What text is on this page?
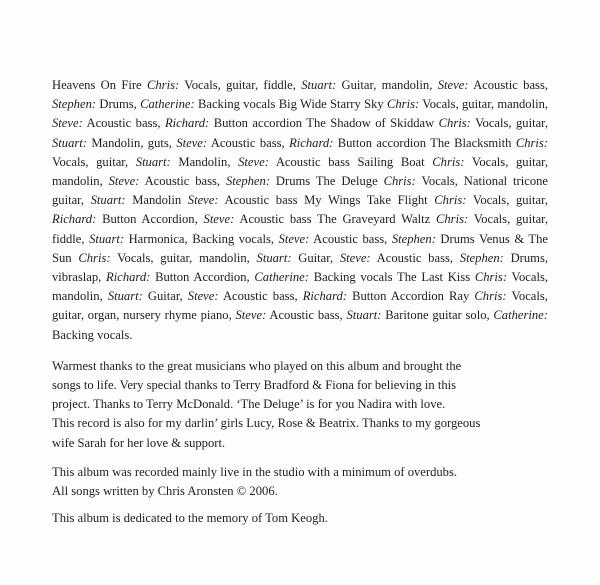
Heavens On Fire Chris: Vocals, guitar, fiddle, Stuart: Guitar, mandolin, Steve: Acoustic bass, Stephen: Drums, Catherine: Backing vocals Big Wide Starry Sky Chris: Vocals, guitar, mandolin, Steve: Acoustic bass, Richard: Button accordion The Shadow of Skiddaw Chris: Vocals, guitar, Stuart: Mandolin, guts, Steve: Acoustic bass, Richard: Button accordion The Blacksmith Chris: Vocals, guitar, Stuart: Mandolin, Steve: Acoustic bass Sailing Boat Chris: Vocals, guitar, mandolin, Steve: Acoustic bass, Stephen: Drums The Deluge Chris: Vocals, National tricone guitar, Stuart: Mandolin Steve: Acoustic bass My Wings Take Flight Chris: Vocals, guitar, Richard: Button Accordion, Steve: Acoustic bass The Graveyard Waltz Chris: Vocals, guitar, fiddle, Stuart: Harmonica, Backing vocals, Steve: Acoustic bass, Stephen: Drums Venus & The Sun Chris: Vocals, guitar, mandolin, Stuart: Guitar, Steve: Acoustic bass, Stephen: Drums, vibraslap, Richard: Button Accordion, Catherine: Backing vocals The Last Kiss Chris: Vocals, mandolin, Stuart: Guitar, Steve: Acoustic bass, Richard: Button Accordion Ray Chris: Vocals, guitar, organ, nursery rhyme piano, Steve: Acoustic bass, Stuart: Baritone guitar solo, Catherine: Backing vocals.

Warmest thanks to the great musicians who played on this album and brought the
songs to life. Very special thanks to Terry Bradford & Fiona for believing in this
project. Thanks to Terry McDonald. ‘The Deluge’ is for you Nadira with love.
This record is also for my darlin’ girls Lucy, Rose & Beatrix. Thanks to my gorgeous
wife Sarah for her love & support.
This album was recorded mainly live in the studio with a minimum of overdubs.
All songs written by Chris Aronsten © 2006.
This album is dedicated to the memory of Tom Keogh.
